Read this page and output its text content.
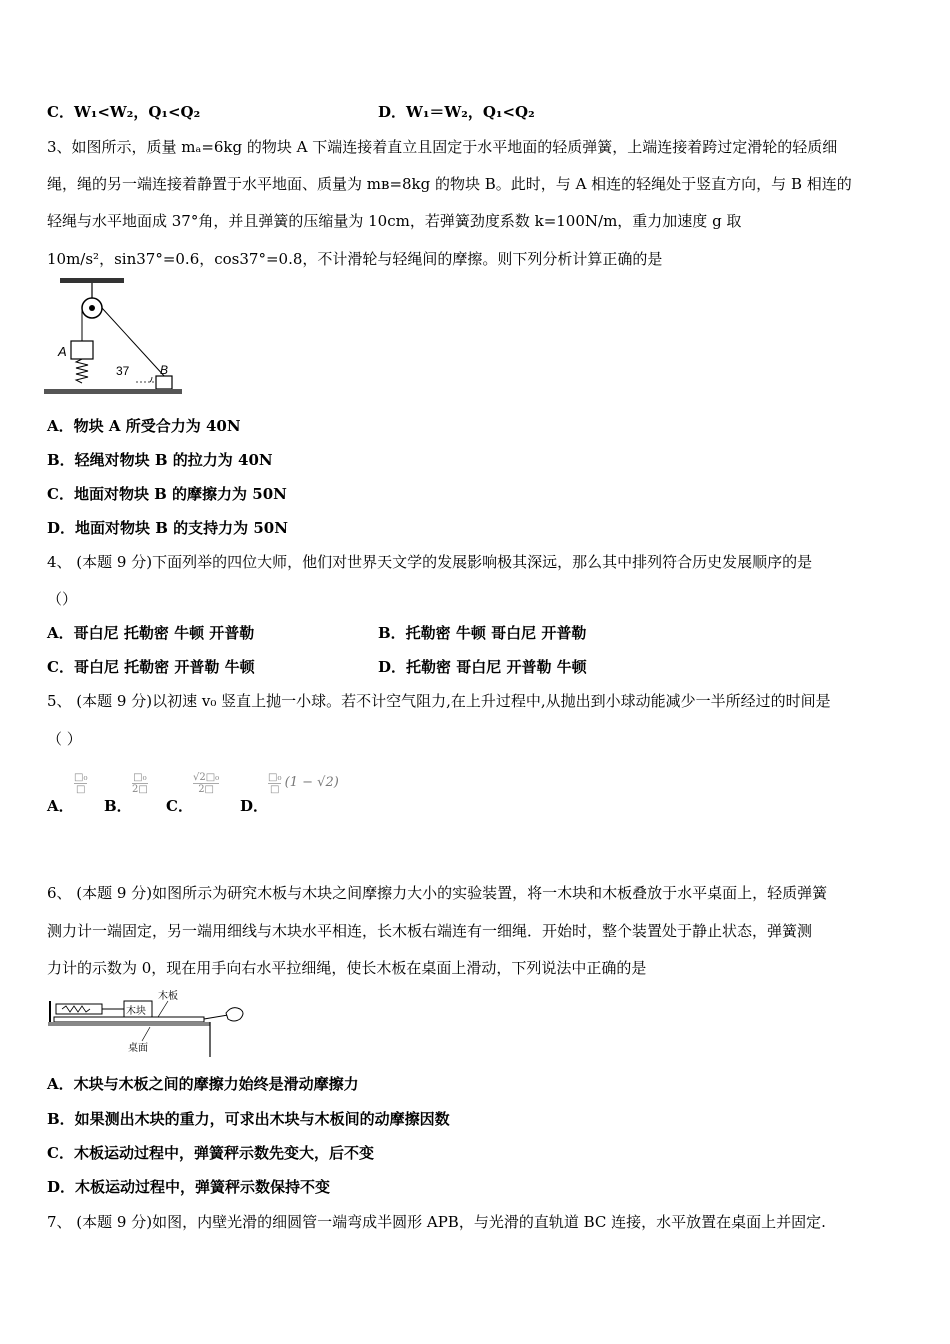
C．W₁<W₂，Q₁<Q₂	D．W₁＝W₂，Q₁<Q₂
3、如图所示，质量 mₐ=6kg 的物块 A 下端连接着直立且固定于水平地面的轻质弹簧，上端连接着跨过定滑轮的轻质细
绳，绳的另一端连接着静置于水平地面、质量为 mʙ=8kg 的物块 B。此时，与 A 相连的轻绳处于竖直方向，与 B 相连的
轻绳与水平地面成 37°角，并且弹簧的压缩量为 10cm，若弹簧劲度系数 k=100N/m，重力加速度 g 取
10m/s²，sin37°=0.6，cos37°=0.8，不计滑轮与轻绳间的摩擦。则下列分析计算正确的是
A
B
37
A．物块 A 所受合力为 40N
B．轻绳对物块 B 的拉力为 40N
C．地面对物块 B 的摩擦力为 50N
D．地面对物块 B 的支持力为 50N
4、 (本题 9 分)下面列举的四位大师，他们对世界天文学的发展影响极其深远，那么其中排列符合历史发展顺序的是
（）
A．哥白尼 托勒密 牛顿 开普勒	B．托勒密 牛顿 哥白尼 开普勒
C．哥白尼 托勒密 开普勒 牛顿	D．托勒密 哥白尼 开普勒 牛顿
5、 (本题 9 分)以初速 v₀ 竖直上抛一小球。若不计空气阻力,在上升过程中,从抛出到小球动能减少一半所经过的时间是
（ ）
A．
$\frac{\text{□₀}}{□}$
B．
$\frac{\text{□₀}}{2□}$
C．
$\frac{\text{√2□₀}}{2□}$
D．
$\frac{\text{□₀}}{□} (1 - √2)$
6、 (本题 9 分)如图所示为研究木板与木块之间摩擦力大小的实验装置，将一木块和木板叠放于水平桌面上，轻质弹簧
测力计一端固定，另一端用细线与木块水平相连，长木板右端连有一细绳．开始时，整个装置处于静止状态，弹簧测
力计的示数为 0，现在用手向右水平拉细绳，使长木板在桌面上滑动，下列说法中正确的是
木块
木板
桌面
A．木块与木板之间的摩擦力始终是滑动摩擦力
B．如果测出木块的重力，可求出木块与木板间的动摩擦因数
C．木板运动过程中，弹簧秤示数先变大，后不变
D．木板运动过程中，弹簧秤示数保持不变
7、 (本题 9 分)如图，内壁光滑的细圆管一端弯成半圆形 APB，与光滑的直轨道 BC 连接，水平放置在桌面上并固定.
